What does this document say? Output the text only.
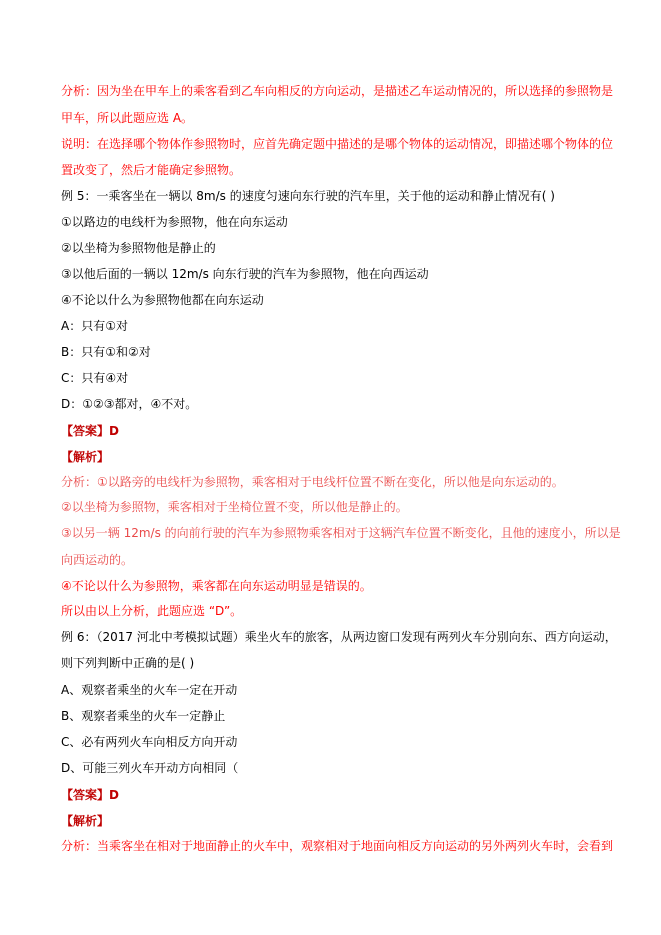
分析：因为坐在甲车上的乘客看到乙车向相反的方向运动，是描述乙车运动情况的，所以选择的参照物是
甲车，所以此题应选 A。
说明：在选择哪个物体作参照物时，应首先确定题中描述的是哪个物体的运动情况，即描述哪个物体的位
置改变了，然后才能确定参照物。
例 5：一乘客坐在一辆以 8m/s 的速度匀速向东行驶的汽车里，关于他的运动和静止情况有( )
①以路边的电线杆为参照物，他在向东运动
②以坐椅为参照物他是静止的
③以他后面的一辆以 12m/s 向东行驶的汽车为参照物，他在向西运动
④不论以什么为参照物他都在向东运动
A：只有①对
B：只有①和②对
C：只有④对
D：①②③都对，④不对。
【答案】D
【解析】
分析：①以路旁的电线杆为参照物，乘客相对于电线杆位置不断在变化，所以他是向东运动的。
②以坐椅为参照物，乘客相对于坐椅位置不变，所以他是静止的。
③以另一辆 12m/s 的向前行驶的汽车为参照物乘客相对于这辆汽车位置不断变化，且他的速度小，所以是
向西运动的。
④不论以什么为参照物，乘客都在向东运动明显是错误的。
所以由以上分析，此题应选 “D”。
例 6：（2017 河北中考模拟试题）乘坐火车的旅客，从两边窗口发现有两列火车分别向东、西方向运动，
则下列判断中正确的是( )
A、观察者乘坐的火车一定在开动
B、观察者乘坐的火车一定静止
C、必有两列火车向相反方向开动
D、可能三列火车开动方向相同（
【答案】D
【解析】
分析：当乘客坐在相对于地面静止的火车中，观察相对于地面向相反方向运动的另外两列火车时，会看到
